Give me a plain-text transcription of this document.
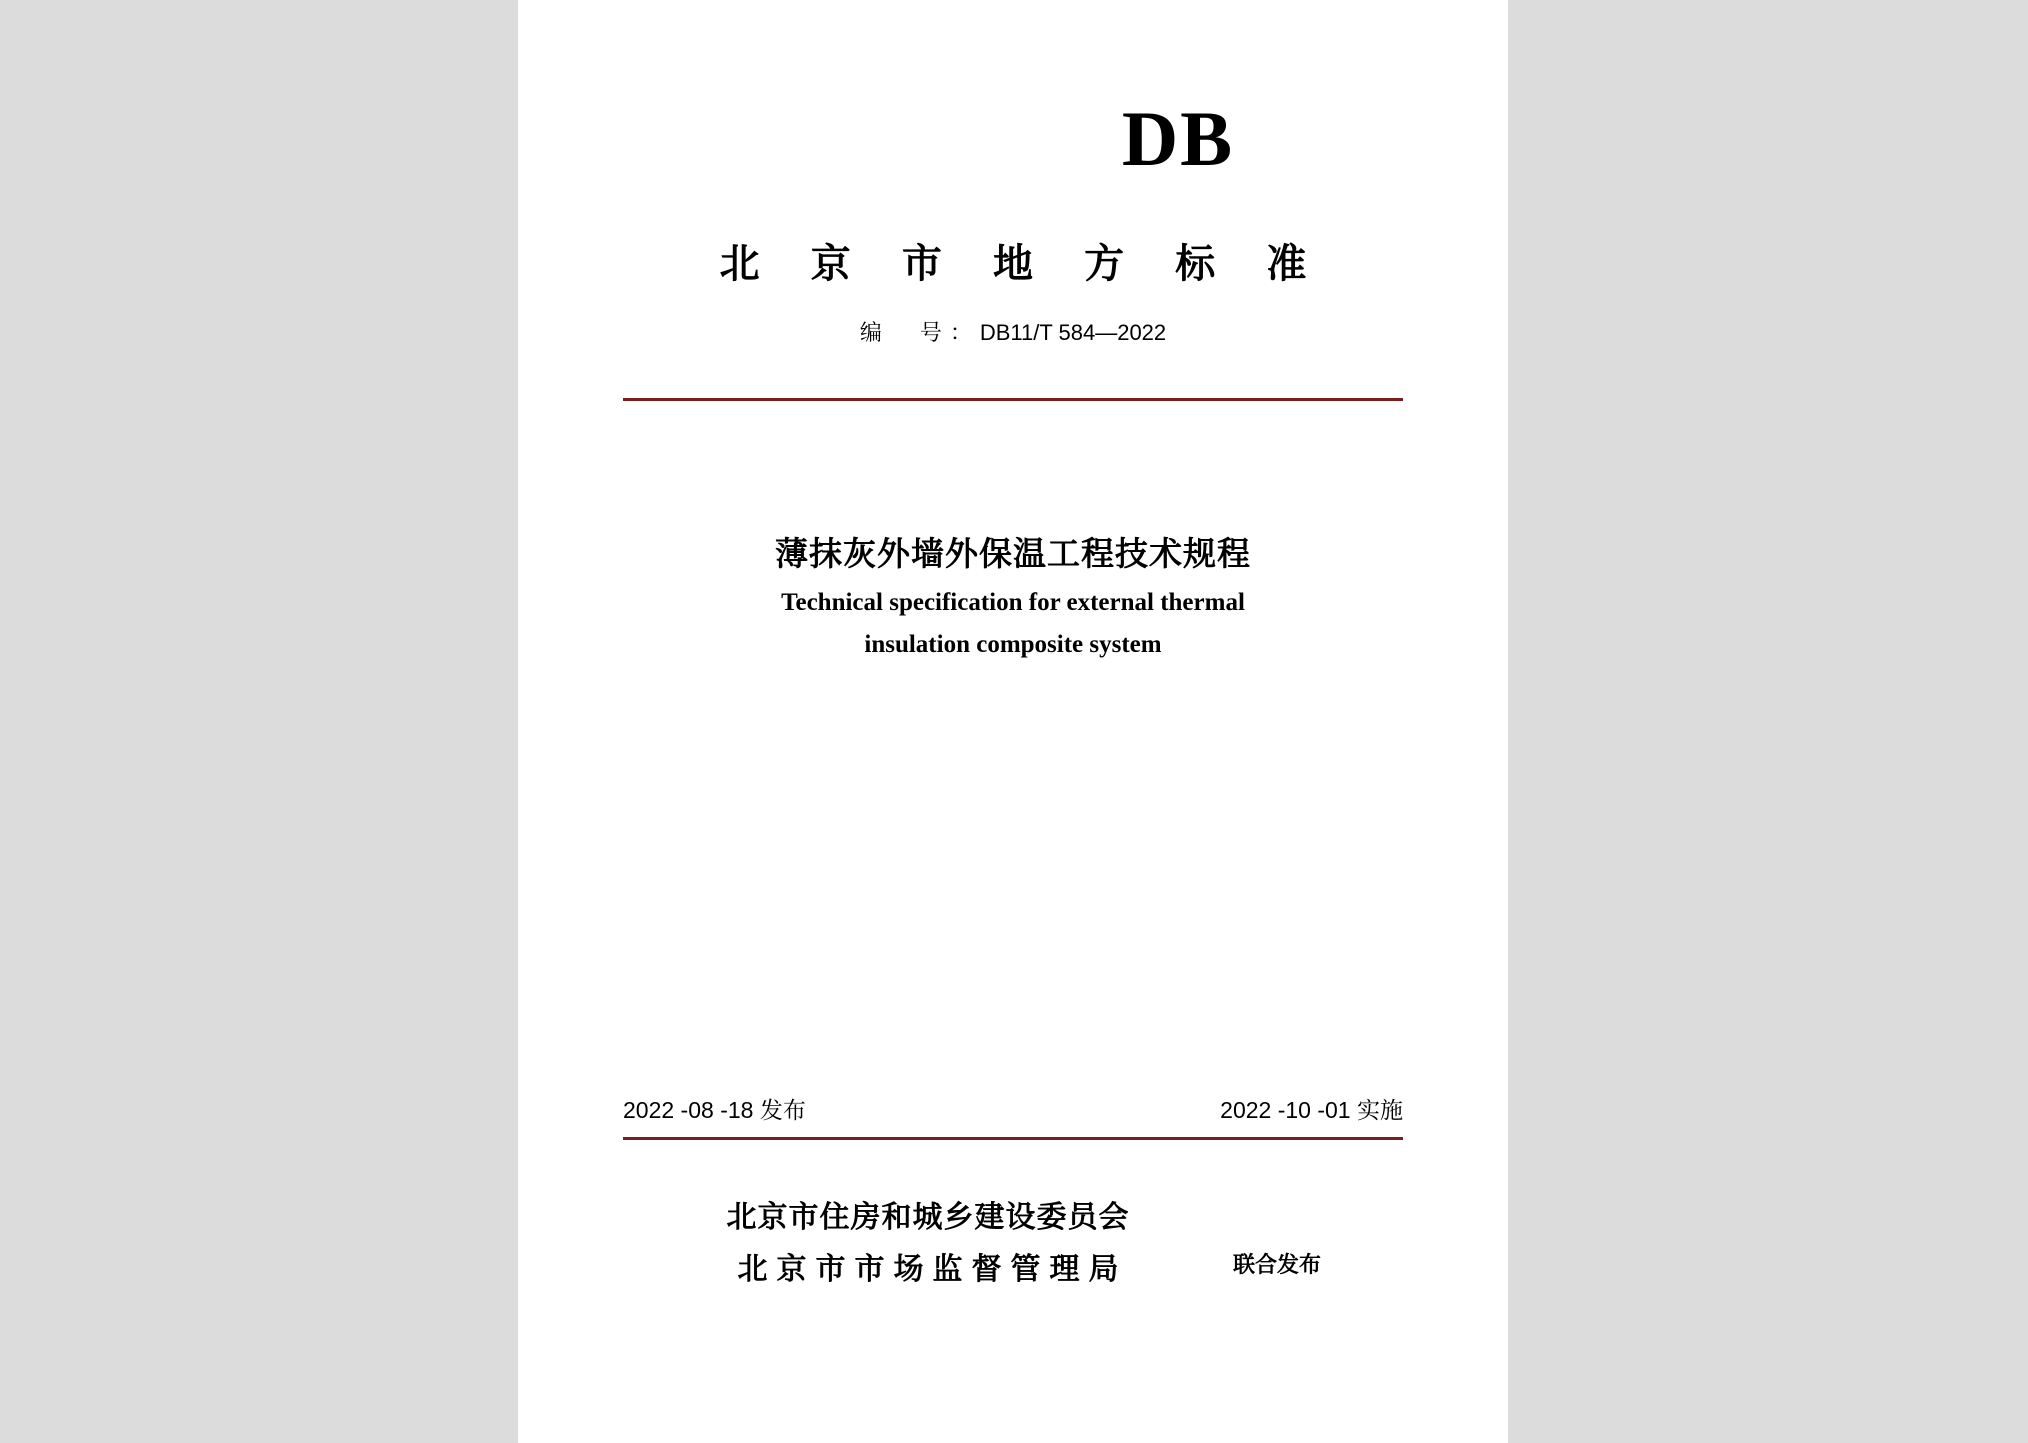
DB
北 京 市 地 方 标 准
编　号：DB11/T 584—2022
薄抹灰外墙外保温工程技术规程
Technical specification for external thermal
insulation composite system
2022 -08 -18 发布	2022 -10 -01 实施
北京市住房和城乡建设委员会
北京市市场监督管理局	联合发布
